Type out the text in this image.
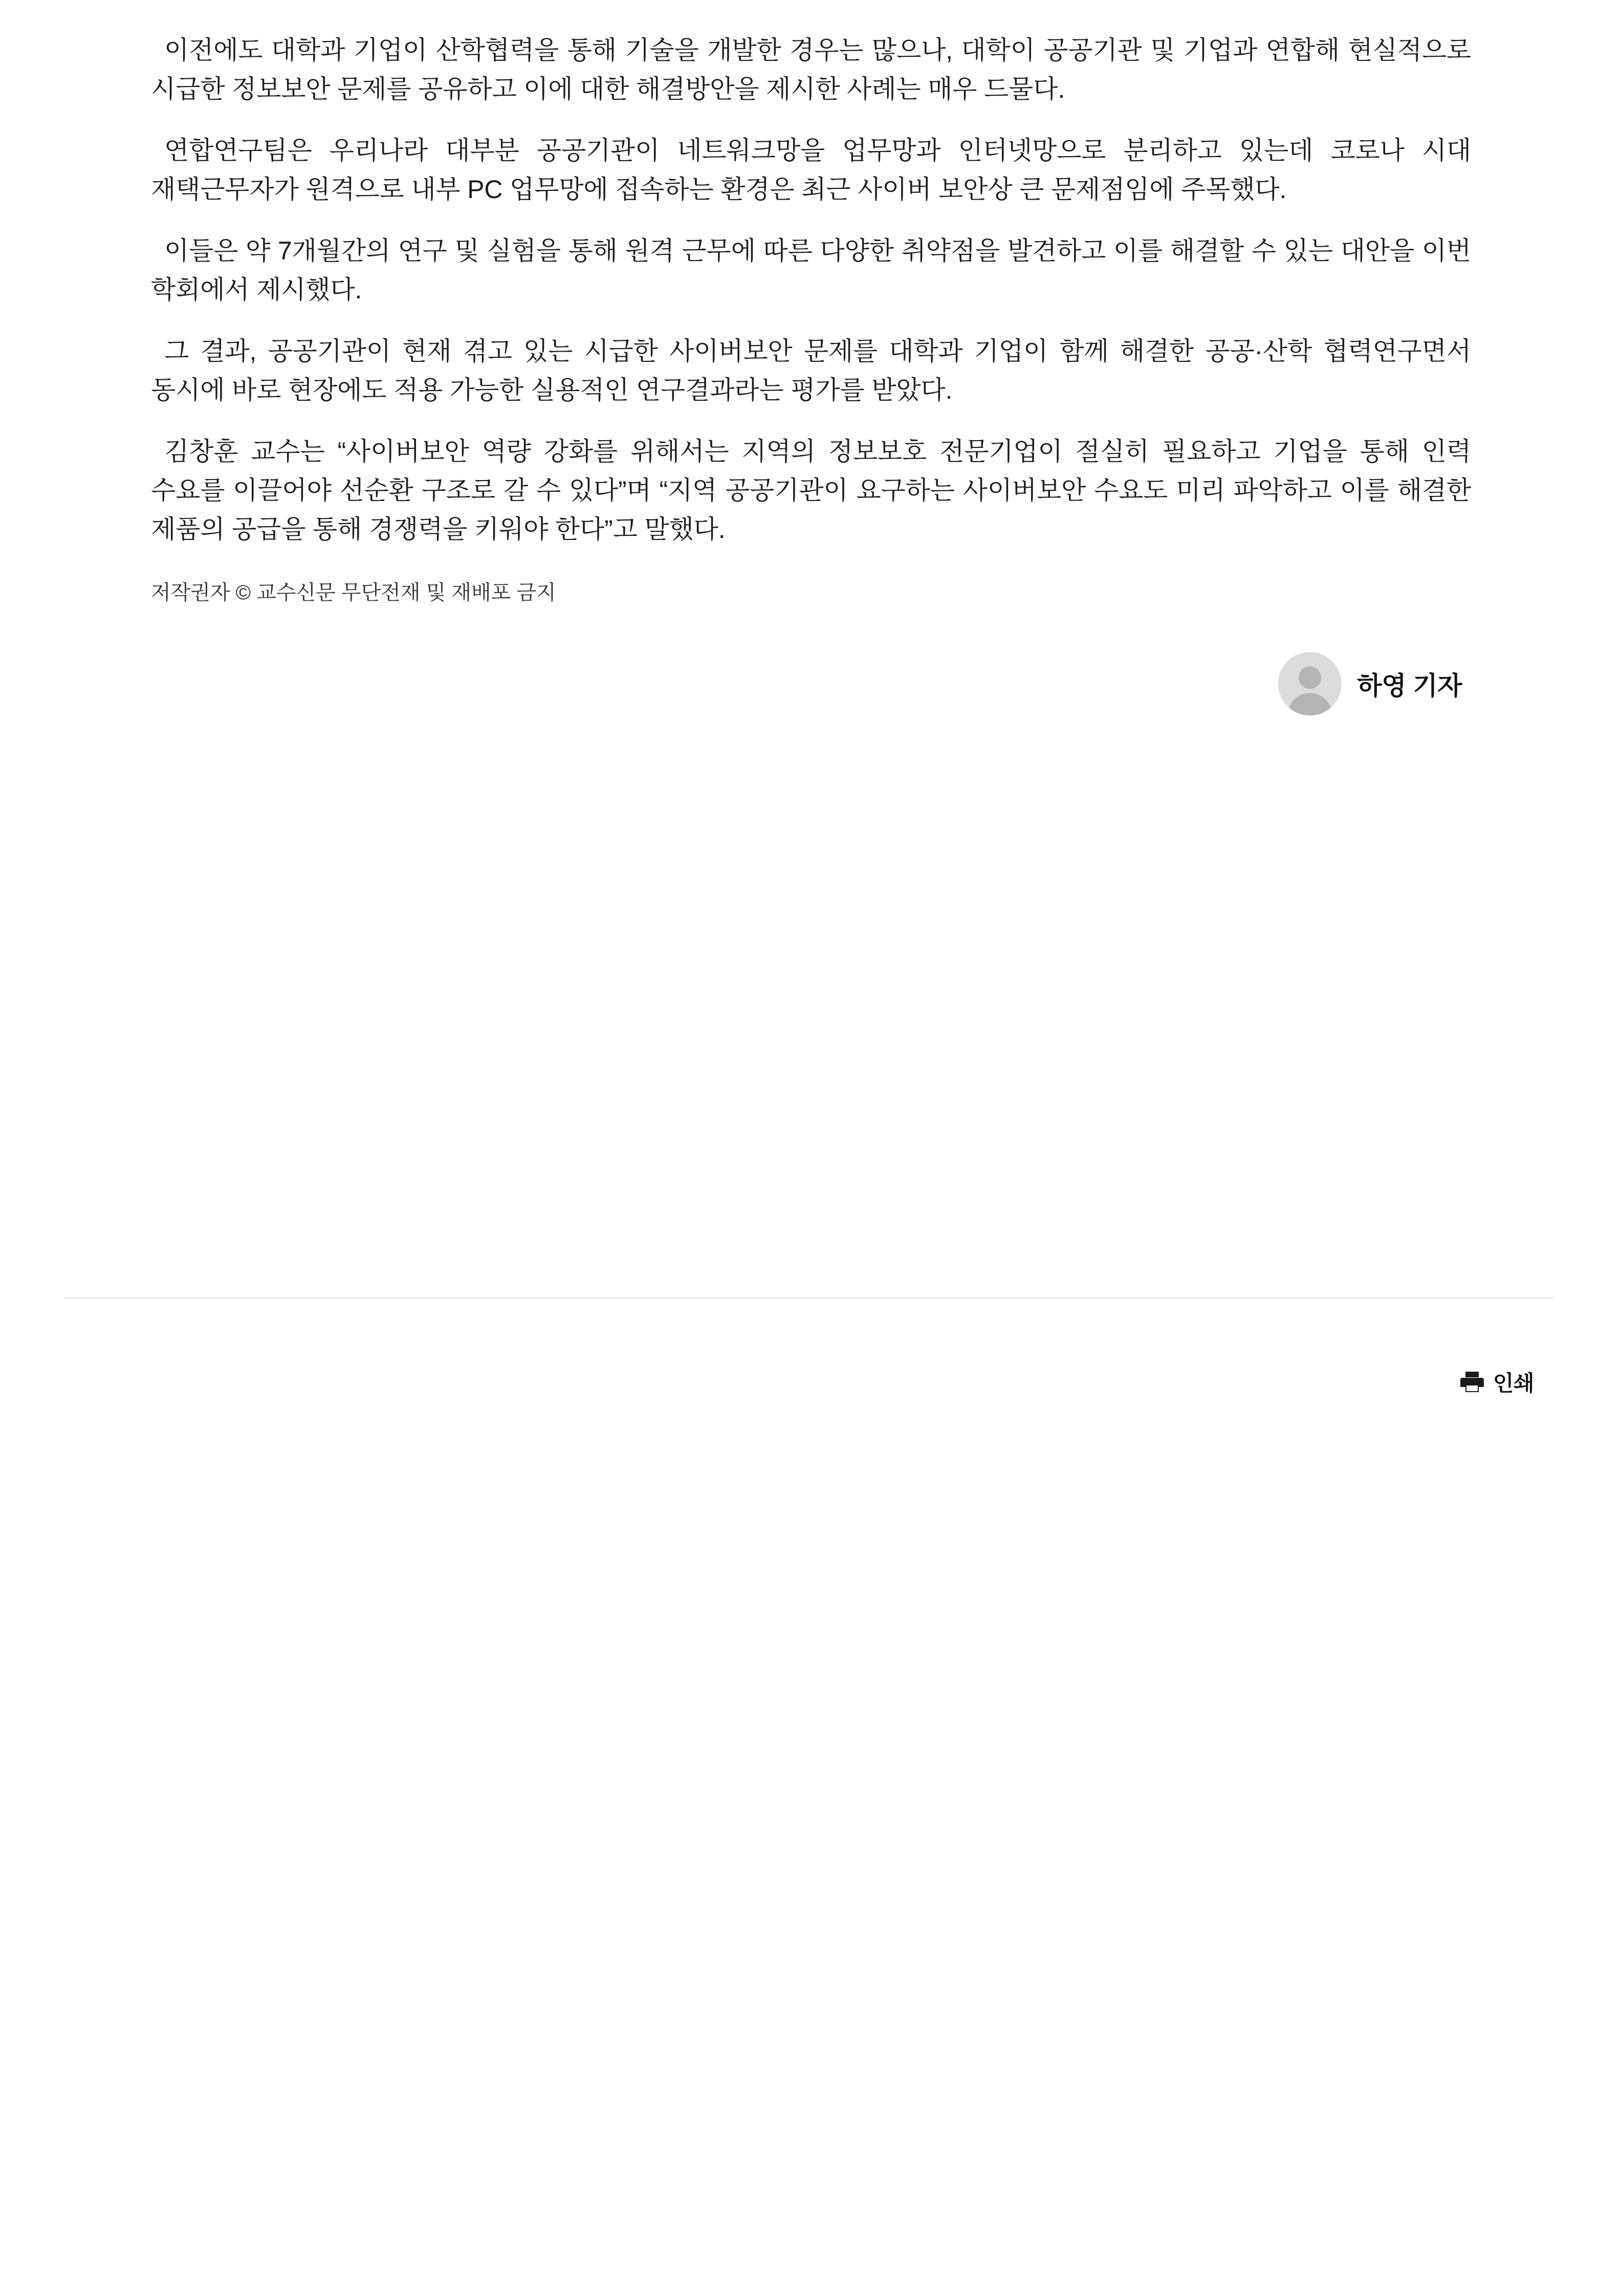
이전에도 대학과 기업이 산학협력을 통해 기술을 개발한 경우는 많으나, 대학이 공공기관 및 기업과 연합해 현실적으로 시급한 정보보안 문제를 공유하고 이에 대한 해결방안을 제시한 사례는 매우 드물다.

연합연구팀은 우리나라 대부분 공공기관이 네트워크망을 업무망과 인터넷망으로 분리하고 있는데 코로나 시대 재택근무자가 원격으로 내부 PC 업무망에 접속하는 환경은 최근 사이버 보안상 큰 문제점임에 주목했다.

이들은 약 7개월간의 연구 및 실험을 통해 원격 근무에 따른 다양한 취약점을 발견하고 이를 해결할 수 있는 대안을 이번 학회에서 제시했다.

그 결과, 공공기관이 현재 겪고 있는 시급한 사이버보안 문제를 대학과 기업이 함께 해결한 공공·산학 협력연구면서 동시에 바로 현장에도 적용 가능한 실용적인 연구결과라는 평가를 받았다.

김창훈 교수는 “사이버보안 역량 강화를 위해서는 지역의 정보보호 전문기업이 절실히 필요하고 기업을 통해 인력 수요를 이끌어야 선순환 구조로 갈 수 있다”며 “지역 공공기관이 요구하는 사이버보안 수요도 미리 파악하고 이를 해결한 제품의 공급을 통해 경쟁력을 키워야 한다”고 말했다.

저작권자 © 교수신문 무단전재 및 재배포 금지

하영 기자
인쇄
